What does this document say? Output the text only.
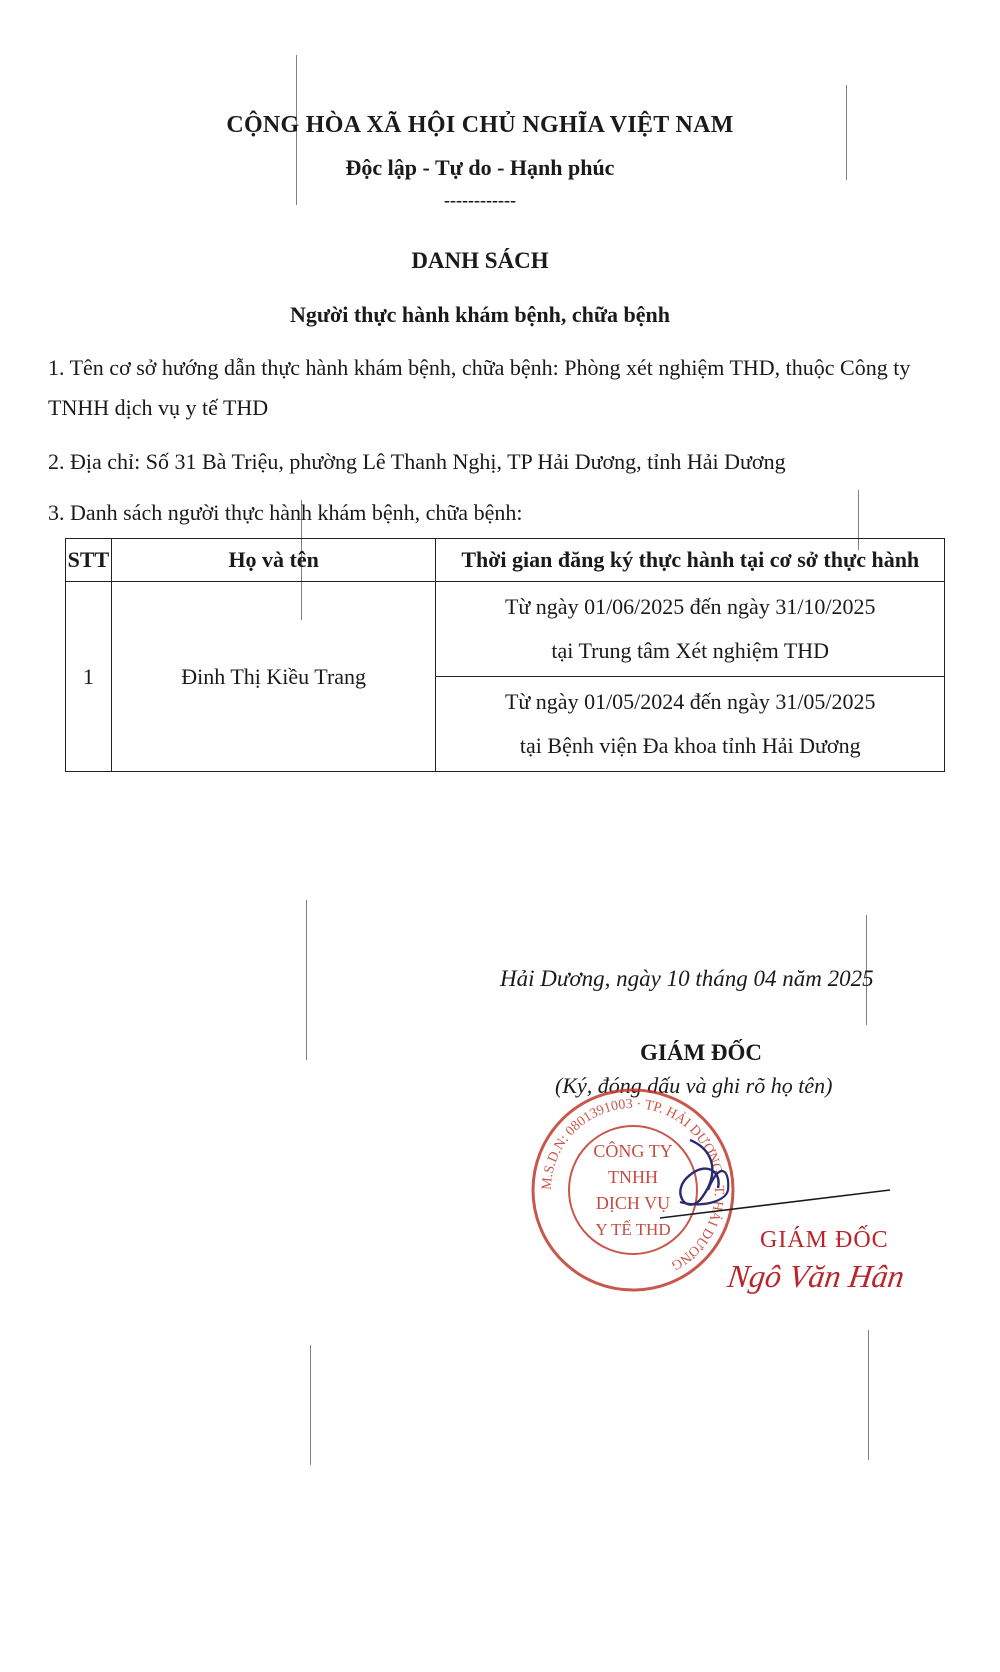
CỘNG HÒA XÃ HỘI CHỦ NGHĨA VIỆT NAM
Độc lập - Tự do - Hạnh phúc
------------
DANH SÁCH
Người thực hành khám bệnh, chữa bệnh
1. Tên cơ sở hướng dẫn thực hành khám bệnh, chữa bệnh: Phòng xét nghiệm THD, thuộc Công ty TNHH dịch vụ y tế THD
2. Địa chỉ: Số 31 Bà Triệu, phường Lê Thanh Nghị, TP Hải Dương, tỉnh Hải Dương
3. Danh sách người thực hành khám bệnh, chữa bệnh:
STT	Họ và tên	Thời gian đăng ký thực hành tại cơ sở thực hành
1	Đinh Thị Kiều Trang	Từ ngày 01/06/2025 đến ngày 31/10/2025
tại Trung tâm Xét nghiệm THD

		Từ ngày 01/05/2024 đến ngày 31/05/2025
tại Bệnh viện Đa khoa tỉnh Hải Dương
Hải Dương, ngày 10 tháng 04 năm 2025
GIÁM ĐỐC
(Ký, đóng dấu và ghi rõ họ tên)
M.S.D.N: 0801391003 · TP. HẢI DƯƠNG - T. HẢI DƯƠNG
CÔNG TY
TNHH
DỊCH VỤ
Y TẾ THD	GIÁM ĐỐC
Ngô Văn Hân
